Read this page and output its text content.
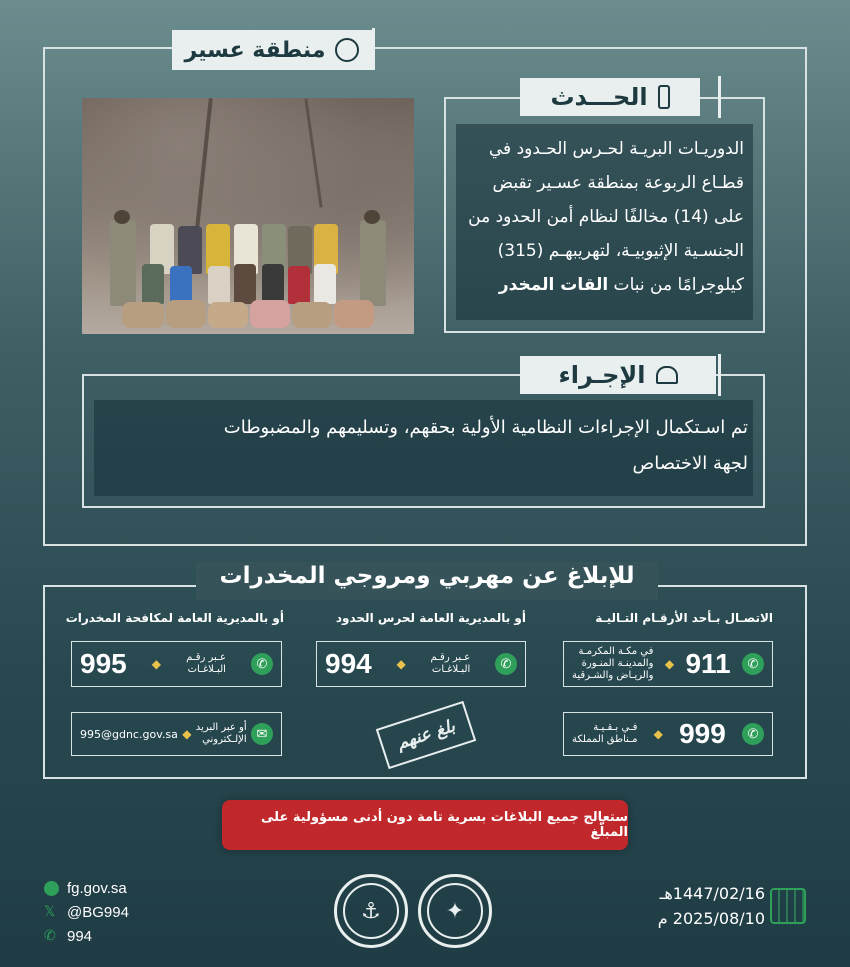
منطقة عسير
الحـــدث
الدوريـات البريـة لحـرس الحـدود في
قطـاع الربوعة بمنطقة عسـير تقبض
على (14) مخالفًا لنظام أمن الحدود من
الجنسـية الإثيوبيـة، لتهريبهـم (315)
كيلوجرامًا من نبات القات المخدر
الإجـراء
تم اسـتكمال الإجراءات النظامية الأولية بحقهم، وتسليمهم والمضبوطات
لجهة الاختصاص
للإبلاغ عن مهربي ومروجي المخدرات
الاتصـال بـأحد الأرقـام التـاليـة
أو بالمديرية العامة لحرس الحدود
أو بالمديرية العامة لمكافحة المخدرات
✆
911
◆
في مكـة المكرمـة
والمدينـة المنـورة
والريـاض والشـرقية
✆
999
◆
فـي بـقـيـة
مـناطق المملكة
✆
عـبر رقـم
البـلاغـات
◆
994
بلغ عنهم
✆
عـبر رقـم
البـلاغـات
◆
995
✉
أو عبر البريد
الإلـكتروني
◆
995@gdnc.gov.sa
ستعالج جميع البلاغات بسرية تامة دون أدنى مسؤولية على المبلّغ
fg.gov.sa
𝕏 @BG994
✆ 994
⚓	✦
1447/02/16هـ
2025/08/10 م
